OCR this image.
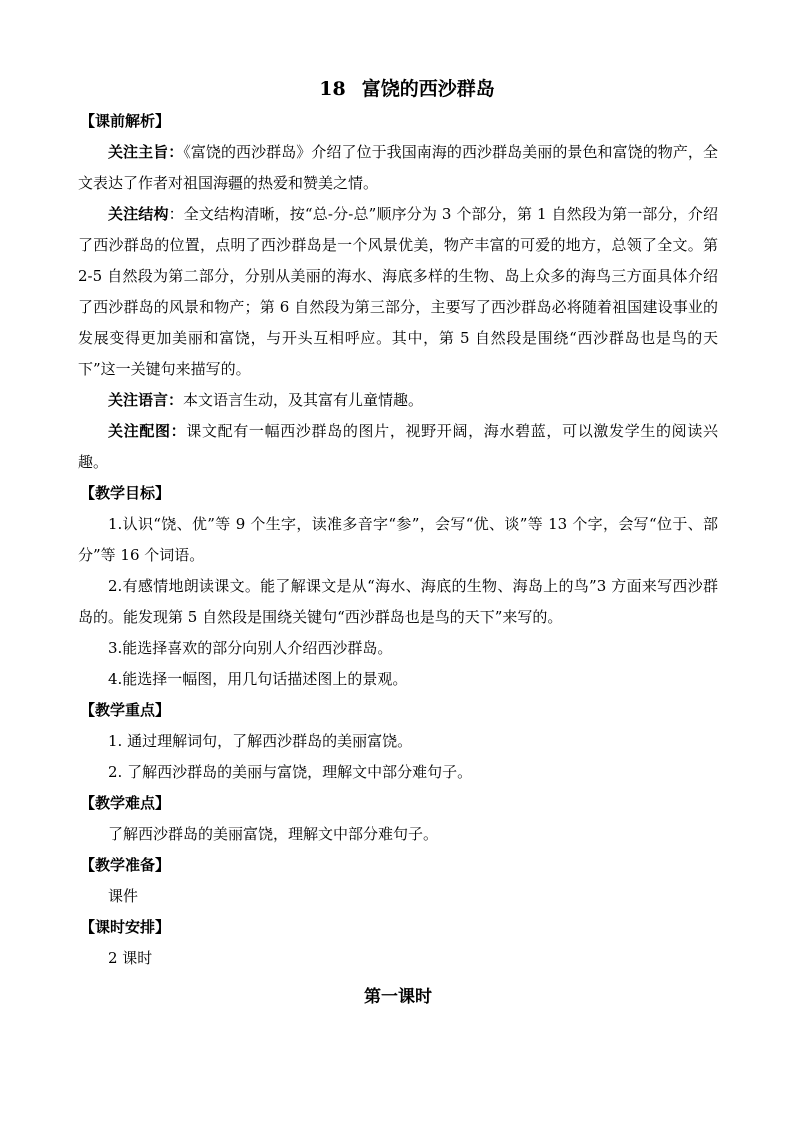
18 富饶的西沙群岛

【课前解析】

关注主旨：《富饶的西沙群岛》介绍了位于我国南海的西沙群岛美丽的景色和富饶的物产，全文表达了作者对祖国海疆的热爱和赞美之情。

关注结构：全文结构清晰，按“总-分-总”顺序分为 3 个部分，第 1 自然段为第一部分，介绍了西沙群岛的位置，点明了西沙群岛是一个风景优美，物产丰富的可爱的地方，总领了全文。第 2-5 自然段为第二部分，分别从美丽的海水、海底多样的生物、岛上众多的海鸟三方面具体介绍了西沙群岛的风景和物产；第 6 自然段为第三部分，主要写了西沙群岛必将随着祖国建设事业的发展变得更加美丽和富饶，与开头互相呼应。其中，第 5 自然段是围绕“西沙群岛也是鸟的天下”这一关键句来描写的。

关注语言：本文语言生动，及其富有儿童情趣。

关注配图：课文配有一幅西沙群岛的图片，视野开阔，海水碧蓝，可以激发学生的阅读兴趣。

【教学目标】

1.认识“饶、优”等 9 个生字，读准多音字“参”，会写“优、谈”等 13 个字，会写“位于、部分”等 16 个词语。

2.有感情地朗读课文。能了解课文是从“海水、海底的生物、海岛上的鸟”3 方面来写西沙群岛的。能发现第 5 自然段是围绕关键句“西沙群岛也是鸟的天下”来写的。

3.能选择喜欢的部分向别人介绍西沙群岛。

4.能选择一幅图，用几句话描述图上的景观。

【教学重点】

1. 通过理解词句，了解西沙群岛的美丽富饶。

2. 了解西沙群岛的美丽与富饶，理解文中部分难句子。

【教学难点】

了解西沙群岛的美丽富饶，理解文中部分难句子。

【教学准备】

课件

【课时安排】

2 课时

第一课时
